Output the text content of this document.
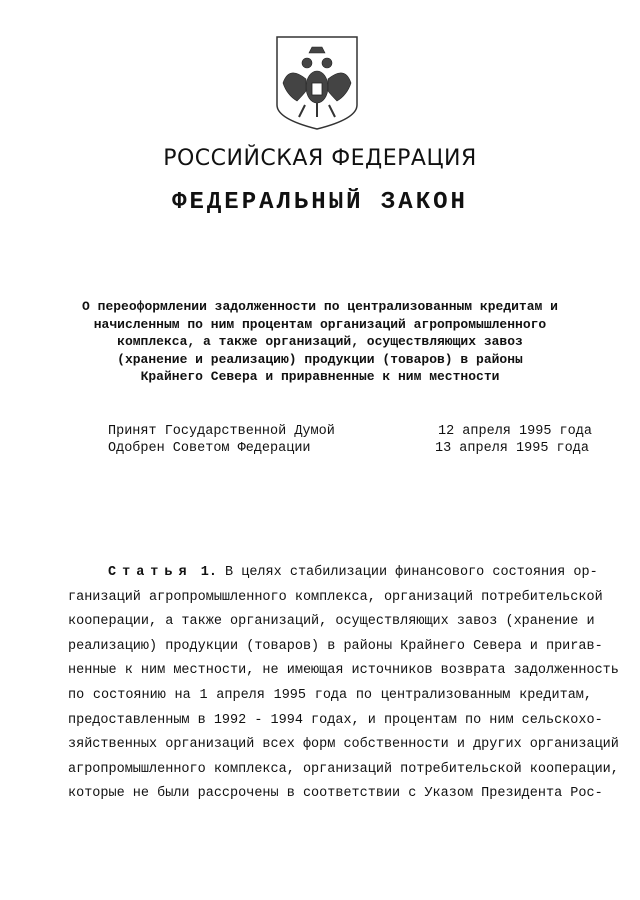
РОССИЙСКАЯ ФЕДЕРАЦИЯ
ФЕДЕРАЛЬНЫЙ ЗАКОН
О переоформлении задолженности по централизованным кредитам и
начисленным по ним процентам организаций агропромышленного
комплекса, а также организаций, осуществляющих завоз
(хранение и реализацию) продукции (товаров) в районы
Крайнего Севера и приравненные к ним местности
Принят Государственной Думой	12 апреля 1995 года
Одобрен Советом Федерации	13 апреля 1995 года
Статья 1. В целях стабилизации финансового состояния ор-
ганизаций агропромышленного комплекса, организаций потребительской
кооперации, а также организаций, осуществляющих завоз (хранение и
реализацию) продукции (товаров) в районы Крайнего Севера и приrав-
ненные к ним местности, не имеющая источников возврата задолженность
по состоянию на 1 апреля 1995 года по централизованным кредитам,
предоставленным в 1992 - 1994 годах, и процентам по ним сельскохо-
зяйственных организаций всех форм собственности и других организаций
агропромышленного комплекса, организаций потребительской кооперации,
которые не были рассрочены в соответствии с Указом Президента Рос-
